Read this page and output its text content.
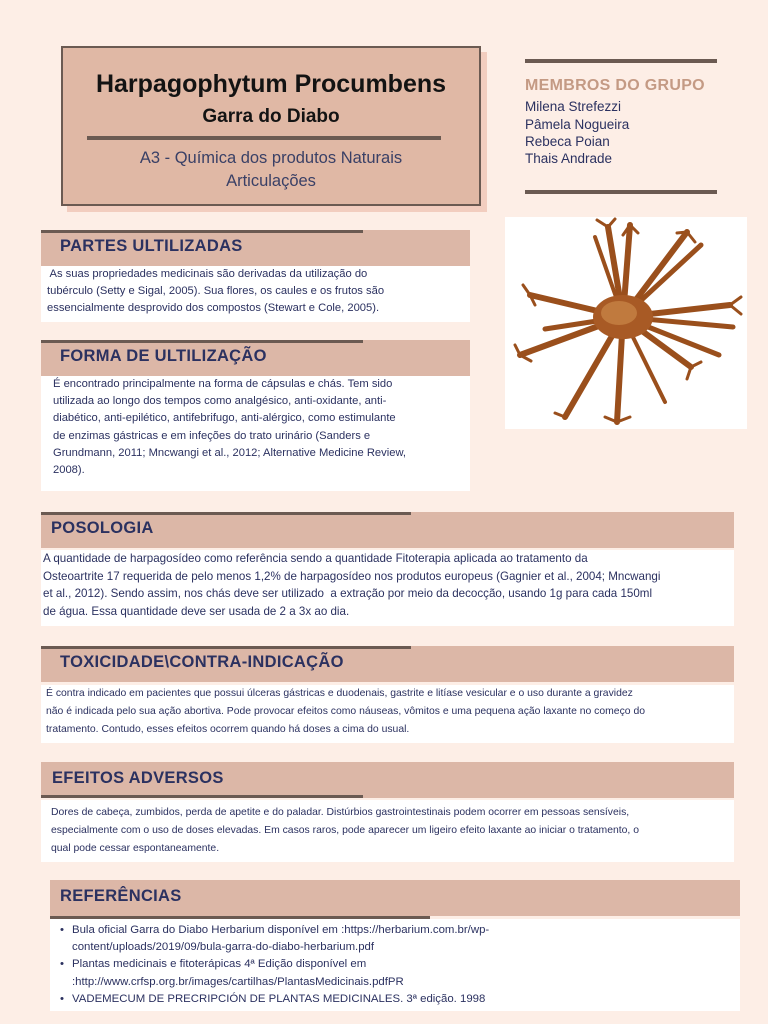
Harpagophytum Procumbens
Garra do Diabo
A3 - Química dos produtos Naturais
Articulações
MEMBROS DO GRUPO
Milena Strefezzi
Pâmela Nogueira
Rebeca Poian
Thais Andrade
PARTES ULTILIZADAS
As suas propriedades medicinais são derivadas da utilização do
tubérculo (Setty e Sigal, 2005). Sua flores, os caules e os frutos são
essencialmente desprovido dos compostos (Stewart e Cole, 2005).
FORMA DE ULTILIZAÇÃO
É encontrado principalmente na forma de cápsulas e chás. Tem sido
utilizada ao longo dos tempos como analgésico, anti-oxidante, anti-
diabético, anti-epilético, antifebrifugo, anti-alérgico, como estimulante
de enzimas gástricas e em infeções do trato urinário (Sanders e
Grundmann, 2011; Mncwangi et al., 2012; Alternative Medicine Review,
2008).
POSOLOGIA
A quantidade de harpagosídeo como referência sendo a quantidade Fitoterapia aplicada ao tratamento da
Osteoartrite 17 requerida de pelo menos 1,2% de harpagosídeo nos produtos europeus (Gagnier et al., 2004; Mncwangi
et al., 2012). Sendo assim, nos chás deve ser utilizado  a extração por meio da decocção, usando 1g para cada 150ml
de água. Essa quantidade deve ser usada de 2 a 3x ao dia.
TOXICIDADE\CONTRA-INDICAÇÃO
É contra indicado em pacientes que possui úlceras gástricas e duodenais, gastrite e litíase vesicular e o uso durante a gravidez
não é indicada pelo sua ação abortiva. Pode provocar efeitos como náuseas, vômitos e uma pequena ação laxante no começo do
tratamento. Contudo, esses efeitos ocorrem quando há doses a cima do usual.
EFEITOS ADVERSOS
Dores de cabeça, zumbidos, perda de apetite e do paladar. Distúrbios gastrointestinais podem ocorrer em pessoas sensíveis,
especialmente com o uso de doses elevadas. Em casos raros, pode aparecer um ligeiro efeito laxante ao iniciar o tratamento, o
qual pode cessar espontaneamente.
REFERÊNCIAS
• Bula oficial Garra do Diabo Herbarium disponível em :https://herbarium.com.br/wp-
content/uploads/2019/09/bula-garra-do-diabo-herbarium.pdf
• Plantas medicinais e fitoterápicas 4ª Edição disponível em
:http://www.crfsp.org.br/images/cartilhas/PlantasMedicinais.pdfPR
• VADEMECUM DE PRECRIPCIÓN DE PLANTAS MEDICINALES. 3ª edição. 1998
